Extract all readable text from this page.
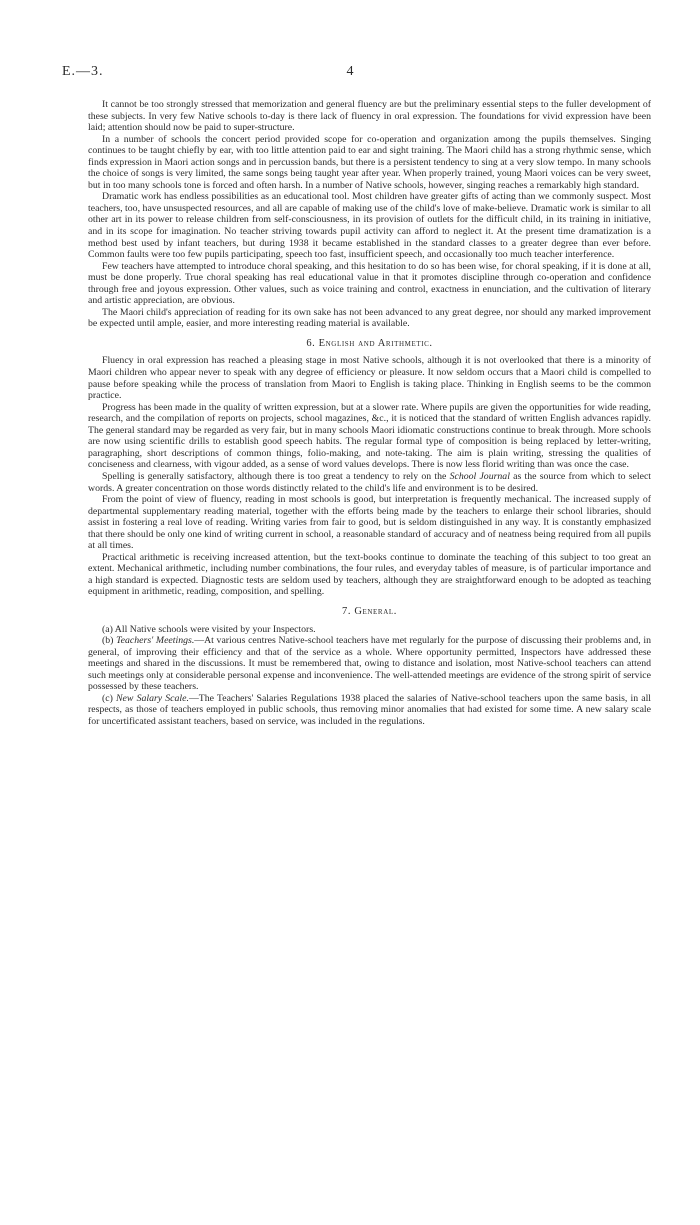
E.—3.	4

It cannot be too strongly stressed that memorization and general fluency are but the preliminary essential steps to the fuller development of these subjects. In very few Native schools to-day is there lack of fluency in oral expression. The foundations for vivid expression have been laid; attention should now be paid to super-structure.

In a number of schools the concert period provided scope for co-operation and organization among the pupils themselves. Singing continues to be taught chiefly by ear, with too little attention paid to ear and sight training. The Maori child has a strong rhythmic sense, which finds expression in Maori action songs and in percussion bands, but there is a persistent tendency to sing at a very slow tempo. In many schools the choice of songs is very limited, the same songs being taught year after year. When properly trained, young Maori voices can be very sweet, but in too many schools tone is forced and often harsh. In a number of Native schools, however, singing reaches a remarkably high standard.

Dramatic work has endless possibilities as an educational tool. Most children have greater gifts of acting than we commonly suspect. Most teachers, too, have unsuspected resources, and all are capable of making use of the child's love of make-believe. Dramatic work is similar to all other art in its power to release children from self-consciousness, in its provision of outlets for the difficult child, in its training in initiative, and in its scope for imagination. No teacher striving towards pupil activity can afford to neglect it. At the present time dramatization is a method best used by infant teachers, but during 1938 it became established in the standard classes to a greater degree than ever before. Common faults were too few pupils participating, speech too fast, insufficient speech, and occasionally too much teacher interference.

Few teachers have attempted to introduce choral speaking, and this hesitation to do so has been wise, for choral speaking, if it is done at all, must be done properly. True choral speaking has real educational value in that it promotes discipline through co-operation and confidence through free and joyous expression. Other values, such as voice training and control, exactness in enunciation, and the cultivation of literary and artistic appreciation, are obvious.

The Maori child's appreciation of reading for its own sake has not been advanced to any great degree, nor should any marked improvement be expected until ample, easier, and more interesting reading material is available.

6. English and Arithmetic.

Fluency in oral expression has reached a pleasing stage in most Native schools, although it is not overlooked that there is a minority of Maori children who appear never to speak with any degree of efficiency or pleasure. It now seldom occurs that a Maori child is compelled to pause before speaking while the process of translation from Maori to English is taking place. Thinking in English seems to be the common practice.

Progress has been made in the quality of written expression, but at a slower rate. Where pupils are given the opportunities for wide reading, research, and the compilation of reports on projects, school magazines, &c., it is noticed that the standard of written English advances rapidly. The general standard may be regarded as very fair, but in many schools Maori idiomatic constructions continue to break through. More schools are now using scientific drills to establish good speech habits. The regular formal type of composition is being replaced by letter-writing, paragraphing, short descriptions of common things, folio-making, and note-taking. The aim is plain writing, stressing the qualities of conciseness and clearness, with vigour added, as a sense of word values develops. There is now less florid writing than was once the case.

Spelling is generally satisfactory, although there is too great a tendency to rely on the School Journal as the source from which to select words. A greater concentration on those words distinctly related to the child's life and environment is to be desired.

From the point of view of fluency, reading in most schools is good, but interpretation is frequently mechanical. The increased supply of departmental supplementary reading material, together with the efforts being made by the teachers to enlarge their school libraries, should assist in fostering a real love of reading. Writing varies from fair to good, but is seldom distinguished in any way. It is constantly emphasized that there should be only one kind of writing current in school, a reasonable standard of accuracy and of neatness being required from all pupils at all times.

Practical arithmetic is receiving increased attention, but the text-books continue to dominate the teaching of this subject to too great an extent. Mechanical arithmetic, including number combinations, the four rules, and everyday tables of measure, is of particular importance and a high standard is expected. Diagnostic tests are seldom used by teachers, although they are straightforward enough to be adopted as teaching equipment in arithmetic, reading, composition, and spelling.

7. General.

(a) All Native schools were visited by your Inspectors.

(b) Teachers' Meetings.—At various centres Native-school teachers have met regularly for the purpose of discussing their problems and, in general, of improving their efficiency and that of the service as a whole. Where opportunity permitted, Inspectors have addressed these meetings and shared in the discussions. It must be remembered that, owing to distance and isolation, most Native-school teachers can attend such meetings only at considerable personal expense and inconvenience. The well-attended meetings are evidence of the strong spirit of service possessed by these teachers.

(c) New Salary Scale.—The Teachers' Salaries Regulations 1938 placed the salaries of Native-school teachers upon the same basis, in all respects, as those of teachers employed in public schools, thus removing minor anomalies that had existed for some time. A new salary scale for uncertificated assistant teachers, based on service, was included in the regulations.
